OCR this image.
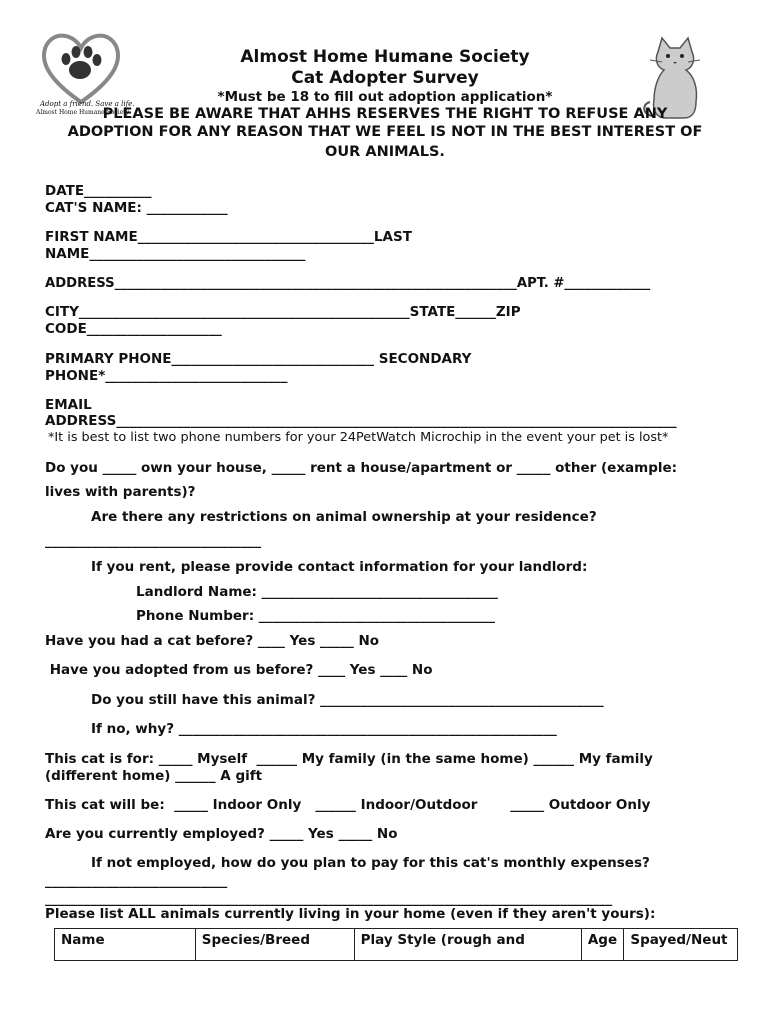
Adopt a friend. Save a life.
Almost Home Humane Society
Almost Home Humane Society
Cat Adopter Survey
*Must be 18 to fill out adoption application*
PLEASE BE AWARE THAT AHHS RESERVES THE RIGHT TO REFUSE ANY
ADOPTION FOR ANY REASON THAT WE FEEL IS NOT IN THE BEST INTEREST OF
OUR ANIMALS.
DATE__________
CAT'S NAME: ____________
FIRST NAME___________________________________LAST
NAME________________________________
ADDRESS_____________________________________________________________APT. #_____________
CITY_________________________________________________STATE______ZIP
CODE____________________
PRIMARY PHONE______________________________ SECONDARY
PHONE*___________________________
EMAIL
ADDRESS___________________________________________________________________________________
*It is best to list two phone numbers for your 24PetWatch Microchip in the event your pet is lost*
Do you _____ own your house, _____ rent a house/apartment or _____ other (example:
lives with parents)?
Are there any restrictions on animal ownership at your residence?
________________________________
If you rent, please provide contact information for your landlord:
Landlord Name: ___________________________________
Phone Number: ___________________________________
Have you had a cat before? ____ Yes _____ No
Have you adopted from us before? ____ Yes ____ No
Do you still have this animal? __________________________________________
If no, why? ________________________________________________________
This cat is for: _____ Myself  ______ My family (in the same home) ______ My family
(different home) ______ A gift
This cat will be:  _____ Indoor Only   ______ Indoor/Outdoor       _____ Outdoor Only
Are you currently employed? _____ Yes _____ No
If not employed, how do you plan to pay for this cat's monthly expenses?
___________________________
________________________________________________________________________________________
Please list ALL animals currently living in your home (even if they aren't yours):
Name	Species/Breed	Play Style (rough and	Age	Spayed/Neut
